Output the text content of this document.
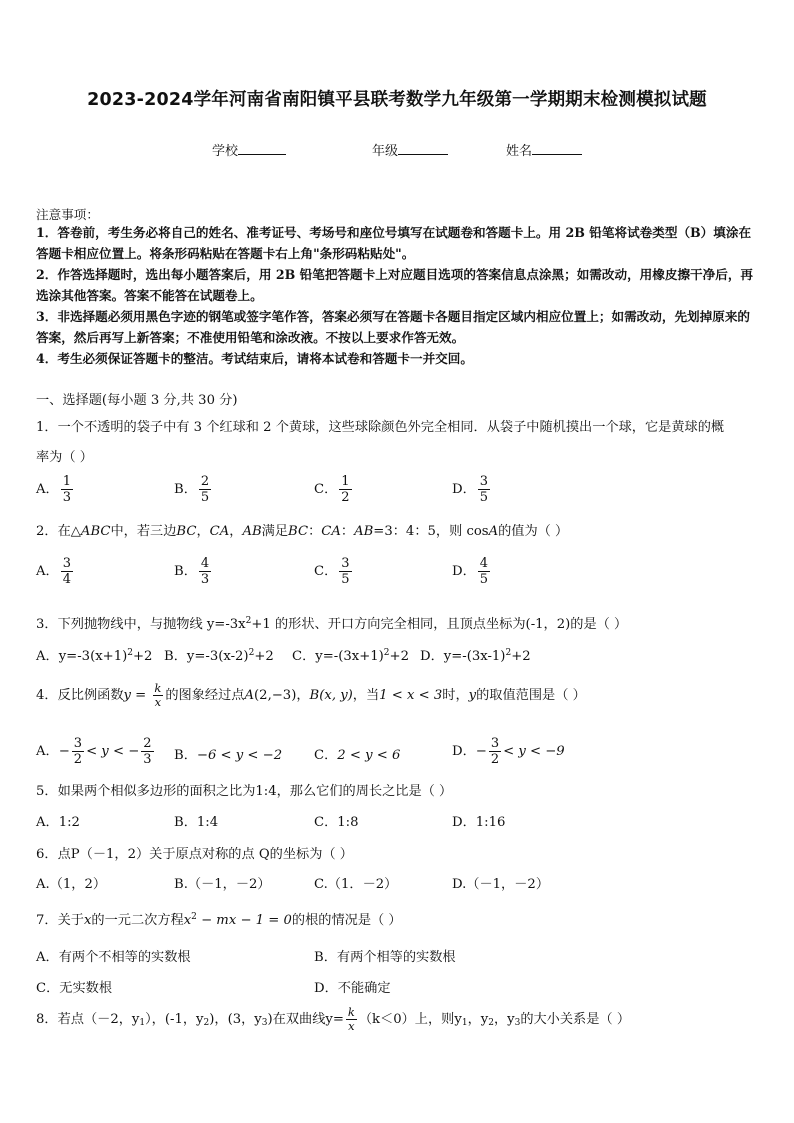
2023-2024学年河南省南阳镇平县联考数学九年级第一学期期末检测模拟试题
学校	年级	姓名
注意事项：
1．答卷前，考生务必将自己的姓名、准考证号、考场号和座位号填写在试题卷和答题卡上。用 2B 铅笔将试卷类型（B）填涂在答题卡相应位置上。将条形码粘贴在答题卡右上角"条形码粘贴处"。
2．作答选择题时，选出每小题答案后，用 2B 铅笔把答题卡上对应题目选项的答案信息点涂黑；如需改动，用橡皮擦干净后，再选涂其他答案。答案不能答在试题卷上。
3．非选择题必须用黑色字迹的钢笔或签字笔作答，答案必须写在答题卡各题目指定区域内相应位置上；如需改动，先划掉原来的答案，然后再写上新答案；不准使用铅笔和涂改液。不按以上要求作答无效。
4．考生必须保证答题卡的整洁。考试结束后，请将本试卷和答题卡一并交回。
一、选择题(每小题 3 分,共 30 分)
1．一个不透明的袋子中有 3 个红球和 2 个黄球，这些球除颜色外完全相同．从袋子中随机摸出一个球，它是黄球的概
率为（ ）
A． $\frac{1}{3}$	B． $\frac{2}{5}$	C． $\frac{1}{2}$	D． $\frac{3}{5}$
2．在△ABC中，若三边BC，CA，AB满足BC：CA：AB=3：4：5，则 cosA的值为（ ）
A． $\frac{3}{4}$	B． $\frac{4}{3}$	C． $\frac{3}{5}$	D． $\frac{4}{5}$
3．下列抛物线中，与抛物线 $y=-3x^2+1$ 的形状、开口方向完全相同，且顶点坐标为(-1，2)的是（ ）
A．$y=-3(x+1)^2+2$ B．$y=-3(x-2)^2+2$ C．$y=-(3x+1)^2+2$ D．$y=-(3x-1)^2+2$
4．反比例函数$y = \frac{k}{x}$ 的图象经过点A(2,−3)，B(x, y)，当1 < x < 3时，y的取值范围是（ ）
A．− $\frac{3}{2} < y$ < − $\frac{2}{3}$ B．−6 < y < −2 C．2 < y < 6	D．− $\frac{3}{2} < y < -9$
5．如果两个相似多边形的面积之比为1:4，那么它们的周长之比是（ ）
A．1:2	B．1:4	C．1:8	D．1:16
6．点P（－1，2）关于原点对称的点 Q的坐标为（ ）
A.（1，2）	B.（－1，－2）	C.（1．－2）	D.（－1，－2）
7．关于x的一元二次方程$x^2$ − mx − 1 = 0的根的情况是（ ）
A．有两个不相等的实数根	B．有两个相等的实数根
C．无实数根	D．不能确定
8．若点（－2，$y_1$），(-1，$y_2$)，(3，$y_3$)在双曲线$y= \frac{k}{x} (k<0)$上，则$y_1$，$y_2$，$y_3$的大小关系是（ ）
